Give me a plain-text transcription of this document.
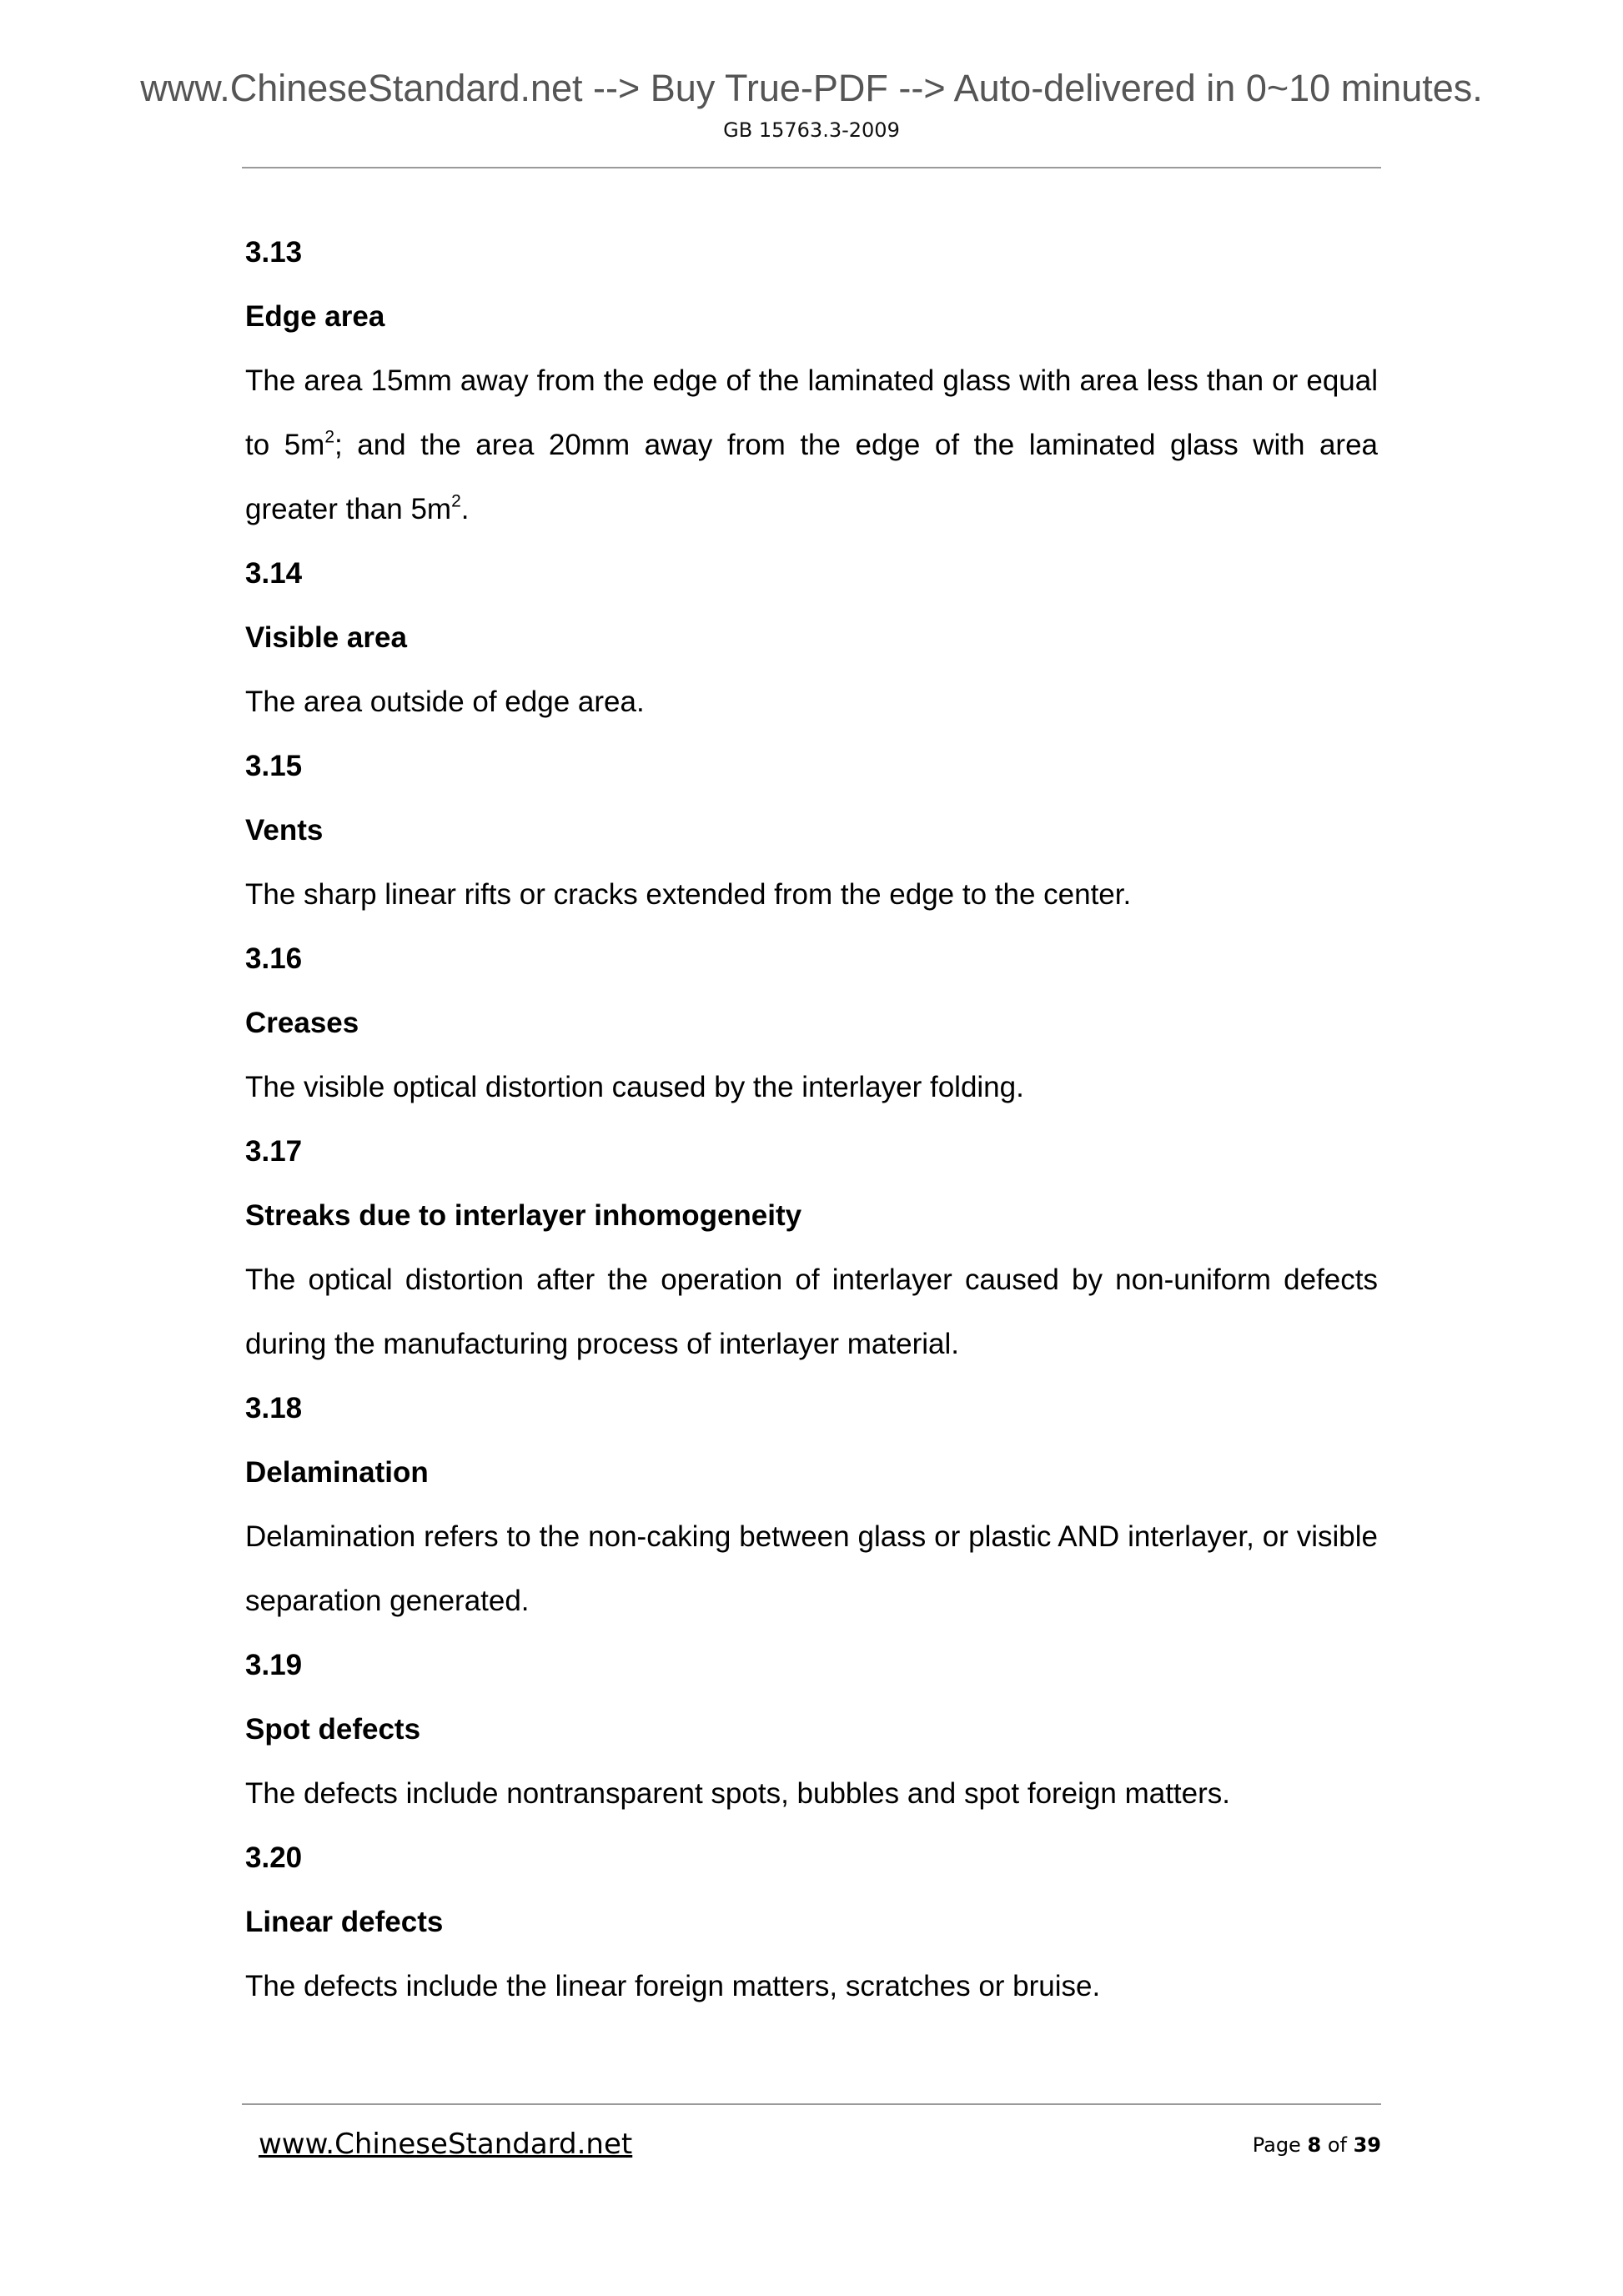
www.ChineseStandard.net --> Buy True-PDF --> Auto-delivered in 0~10 minutes.
GB 15763.3-2009

3.13

Edge area

The area 15mm away from the edge of the laminated glass with area less than or equal to $5m^2$; and the area 20mm away from the edge of the laminated glass with area greater than $5m^2$.

3.14

Visible area

The area outside of edge area.

3.15

Vents

The sharp linear rifts or cracks extended from the edge to the center.

3.16

Creases

The visible optical distortion caused by the interlayer folding.

3.17

Streaks due to interlayer inhomogeneity

The optical distortion after the operation of interlayer caused by non-uniform defects during the manufacturing process of interlayer material.

3.18

Delamination

Delamination refers to the non-caking between glass or plastic AND interlayer, or visible separation generated.

3.19

Spot defects

The defects include nontransparent spots, bubbles and spot foreign matters.

3.20

Linear defects

The defects include the linear foreign matters, scratches or bruise.

www.ChineseStandard.net	Page 8 of 39
